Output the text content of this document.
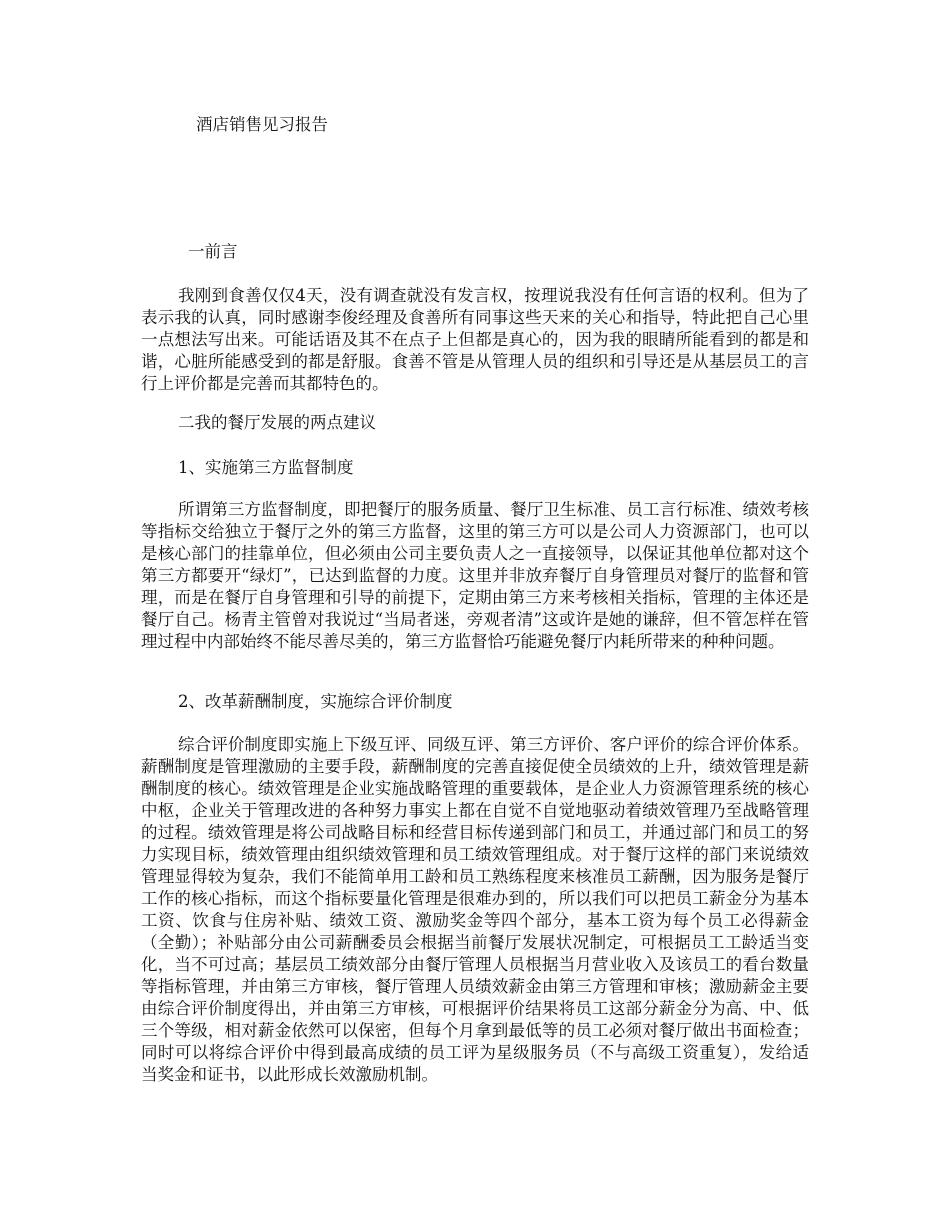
酒店销售见习报告
一前言

我刚到食善仅仅4天，没有调查就没有发言权，按理说我没有任何言语的权利。但为了表示我的认真，同时感谢李俊经理及食善所有同事这些天来的关心和指导，特此把自己心里一点想法写出来。可能话语及其不在点子上但都是真心的，因为我的眼睛所能看到的都是和谐，心脏所能感受到的都是舒服。食善不管是从管理人员的组织和引导还是从基层员工的言行上评价都是完善而其都特色的。

二我的餐厅发展的两点建议
1、实施第三方监督制度

所谓第三方监督制度，即把餐厅的服务质量、餐厅卫生标准、员工言行标准、绩效考核等指标交给独立于餐厅之外的第三方监督，这里的第三方可以是公司人力资源部门，也可以是核心部门的挂靠单位，但必须由公司主要负责人之一直接领导，以保证其他单位都对这个第三方都要开“绿灯”，已达到监督的力度。这里并非放弃餐厅自身管理员对餐厅的监督和管理，而是在餐厅自身管理和引导的前提下，定期由第三方来考核相关指标，管理的主体还是餐厅自己。杨青主管曾对我说过“当局者迷，旁观者清”这或许是她的谦辞，但不管怎样在管理过程中内部始终不能尽善尽美的，第三方监督恰巧能避免餐厅内耗所带来的种种问题。

2、改革薪酬制度，实施综合评价制度

综合评价制度即实施上下级互评、同级互评、第三方评价、客户评价的综合评价体系。薪酬制度是管理激励的主要手段，薪酬制度的完善直接促使全员绩效的上升，绩效管理是薪酬制度的核心。绩效管理是企业实施战略管理的重要载体，是企业人力资源管理系统的核心中枢，企业关于管理改进的各种努力事实上都在自觉不自觉地驱动着绩效管理乃至战略管理的过程。绩效管理是将公司战略目标和经营目标传递到部门和员工，并通过部门和员工的努力实现目标，绩效管理由组织绩效管理和员工绩效管理组成。对于餐厅这样的部门来说绩效管理显得较为复杂，我们不能简单用工龄和员工熟练程度来核准员工薪酬，因为服务是餐厅工作的核心指标，而这个指标要量化管理是很难办到的，所以我们可以把员工薪金分为基本工资、饮食与住房补贴、绩效工资、激励奖金等四个部分，基本工资为每个员工必得薪金（全勤）；补贴部分由公司薪酬委员会根据当前餐厅发展状况制定，可根据员工工龄适当变化，当不可过高；基层员工绩效部分由餐厅管理人员根据当月营业收入及该员工的看台数量等指标管理，并由第三方审核，餐厅管理人员绩效薪金由第三方管理和审核；激励薪金主要由综合评价制度得出，并由第三方审核，可根据评价结果将员工这部分薪金分为高、中、低三个等级，相对薪金依然可以保密，但每个月拿到最低等的员工必须对餐厅做出书面检查；同时可以将综合评价中得到最高成绩的员工评为星级服务员（不与高级工资重复），发给适当奖金和证书，以此形成长效激励机制。
